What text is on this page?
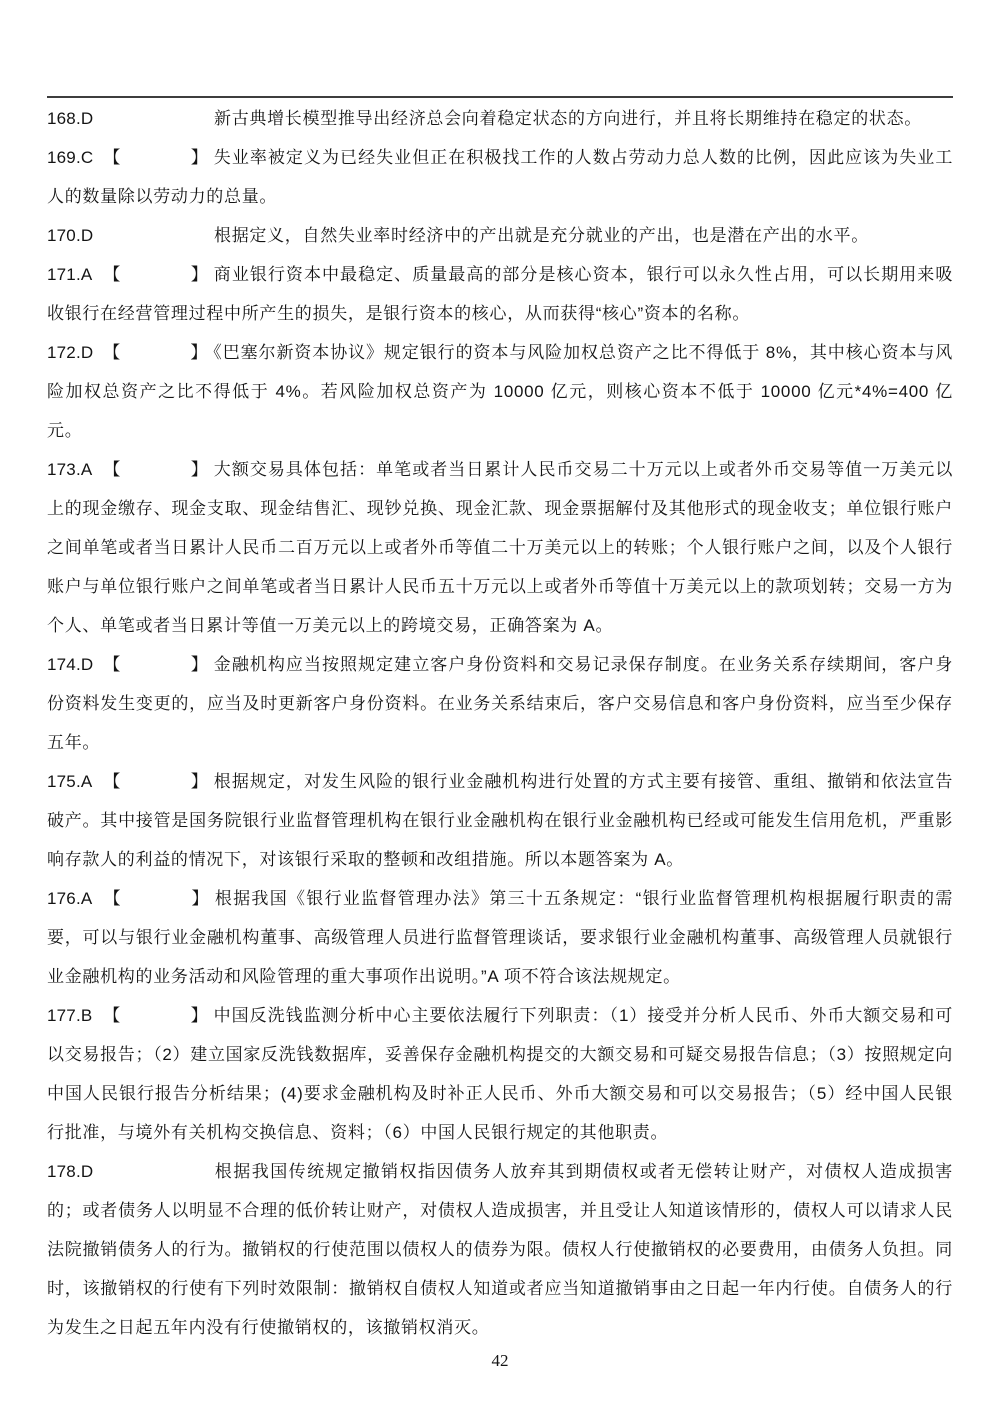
168.D	新古典增长模型推导出经济总会向着稳定状态的方向进行，并且将长期维持在稳定的状态。

169.C 【	】 失业率被定义为已经失业但正在积极找工作的人数占劳动力总人数的比例，因此应该为失业工人的数量除以劳动力的总量。

170.D	根据定义，自然失业率时经济中的产出就是充分就业的产出，也是潜在产出的水平。

171.A 【	】 商业银行资本中最稳定、质量最高的部分是核心资本，银行可以永久性占用，可以长期用来吸收银行在经营管理过程中所产生的损失，是银行资本的核心，从而获得“核心”资本的名称。

172.D 【	】 《巴塞尔新资本协议》规定银行的资本与风险加权总资产之比不得低于 8%，其中核心资本与风险加权总资产之比不得低于 4%。若风险加权总资产为 10000 亿元，则核心资本不低于 10000 亿元*4%=400 亿元。

173.A 【	】 大额交易具体包括：单笔或者当日累计人民币交易二十万元以上或者外币交易等值一万美元以上的现金缴存、现金支取、现金结售汇、现钞兑换、现金汇款、现金票据解付及其他形式的现金收支；单位银行账户之间单笔或者当日累计人民币二百万元以上或者外币等值二十万美元以上的转账；个人银行账户之间，以及个人银行账户与单位银行账户之间单笔或者当日累计人民币五十万元以上或者外币等值十万美元以上的款项划转；交易一方为个人、单笔或者当日累计等值一万美元以上的跨境交易，正确答案为 A。

174.D 【	】 金融机构应当按照规定建立客户身份资料和交易记录保存制度。在业务关系存续期间，客户身份资料发生变更的，应当及时更新客户身份资料。在业务关系结束后，客户交易信息和客户身份资料，应当至少保存五年。

175.A 【	】 根据规定，对发生风险的银行业金融机构进行处置的方式主要有接管、重组、撤销和依法宣告破产。其中接管是国务院银行业监督管理机构在银行业金融机构在银行业金融机构已经或可能发生信用危机，严重影响存款人的利益的情况下，对该银行采取的整顿和改组措施。所以本题答案为 A。

176.A 【	】 根据我国《银行业监督管理办法》第三十五条规定：“银行业监督管理机构根据履行职责的需要，可以与银行业金融机构董事、高级管理人员进行监督管理谈话，要求银行业金融机构董事、高级管理人员就银行业金融机构的业务活动和风险管理的重大事项作出说明。”A 项不符合该法规规定。

177.B 【	】 中国反洗钱监测分析中心主要依法履行下列职责：（1）接受并分析人民币、外币大额交易和可以交易报告；（2）建立国家反洗钱数据库，妥善保存金融机构提交的大额交易和可疑交易报告信息；（3）按照规定向中国人民银行报告分析结果；(4)要求金融机构及时补正人民币、外币大额交易和可以交易报告；（5）经中国人民银行批准，与境外有关机构交换信息、资料；（6）中国人民银行规定的其他职责。

178.D	根据我国传统规定撤销权指因债务人放弃其到期债权或者无偿转让财产，对债权人造成损害的；或者债务人以明显不合理的低价转让财产，对债权人造成损害，并且受让人知道该情形的，债权人可以请求人民法院撤销债务人的行为。撤销权的行使范围以债权人的债券为限。债权人行使撤销权的必要费用，由债务人负担。同时，该撤销权的行使有下列时效限制：撤销权自债权人知道或者应当知道撤销事由之日起一年内行使。自债务人的行为发生之日起五年内没有行使撤销权的，该撤销权消灭。

42
